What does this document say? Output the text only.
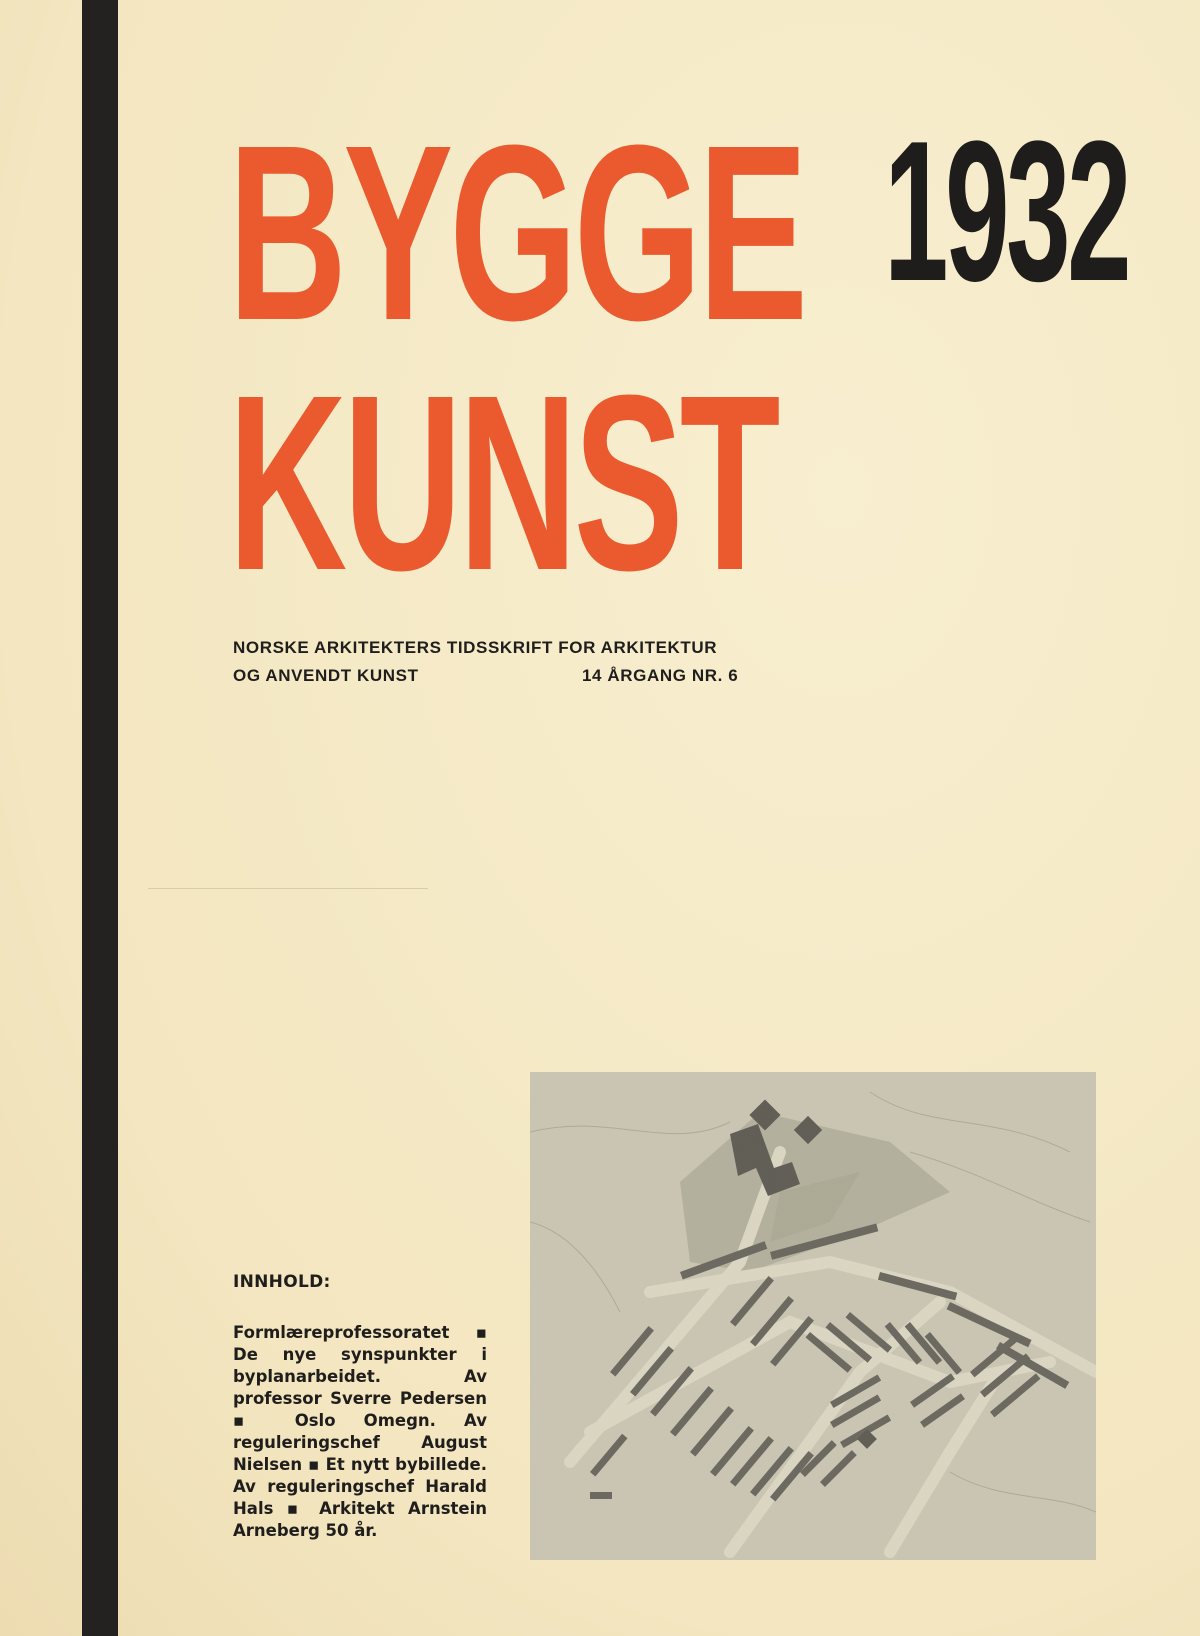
BYGGE
KUNST
1932
NORSKE ARKITEKTERS TIDSSKRIFT FOR ARKITEKTUR
OG ANVENDT KUNST	14 ÅRGANG NR. 6
INNHOLD:
Formlæreprofessoratet ▪ De nye synspunkter i byplanarbeidet. Av professor Sverre Pedersen ▪ Oslo Omegn. Av reguleringschef August Nielsen ▪ Et nytt bybillede. Av reguleringschef Harald Hals ▪ Arkitekt Arnstein Arneberg 50 år.
